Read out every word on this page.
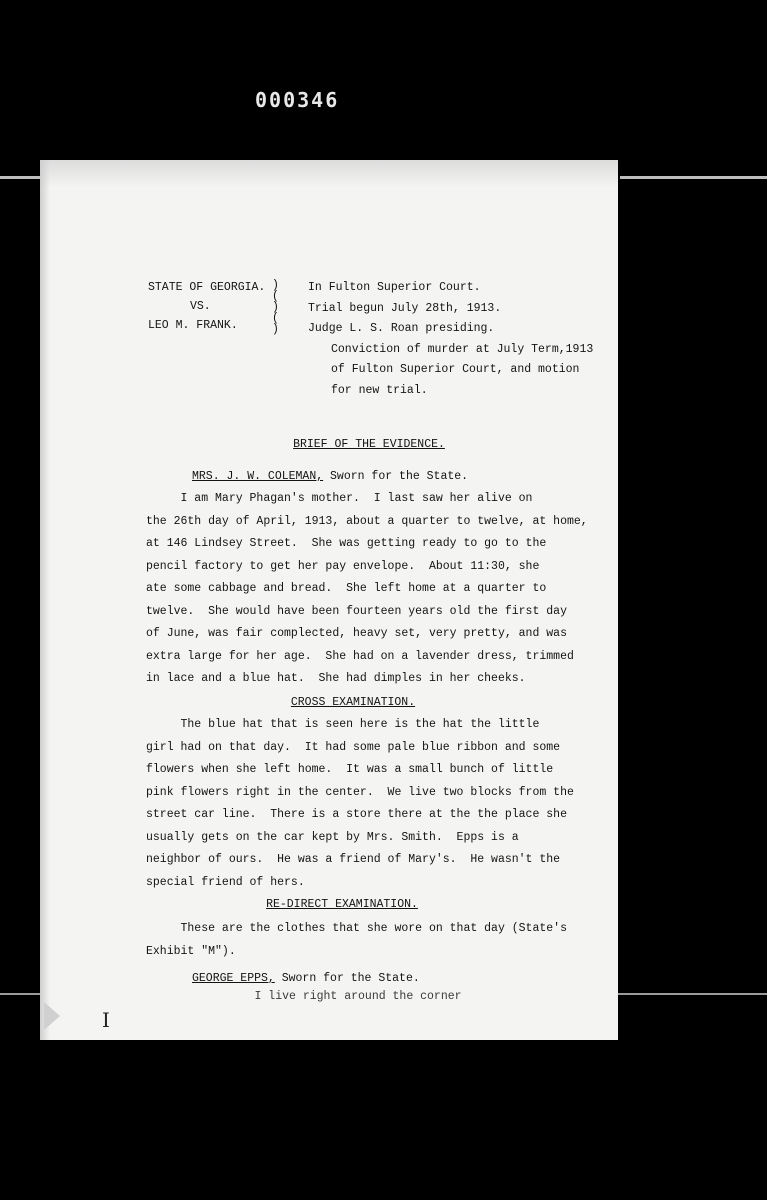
000346
STATE OF GEORGIA.
VS.
LEO M. FRANK.
)
(
)
(
)
In Fulton Superior Court.
Trial begun July 28th, 1913.
Judge L. S. Roan presiding.
Conviction of murder at July Term,1913
of Fulton Superior Court, and motion
for new trial.
BRIEF OF THE EVIDENCE.
MRS. J. W. COLEMAN, Sworn for the State.
I am Mary Phagan's mother.  I last saw her alive on
the 26th day of April, 1913, about a quarter to twelve, at home,
at 146 Lindsey Street.  She was getting ready to go to the
pencil factory to get her pay envelope.  About 11:30, she
ate some cabbage and bread.  She left home at a quarter to
twelve.  She would have been fourteen years old the first day
of June, was fair complected, heavy set, very pretty, and was
extra large for her age.  She had on a lavender dress, trimmed
in lace and a blue hat.  She had dimples in her cheeks.
CROSS EXAMINATION.
The blue hat that is seen here is the hat the little
girl had on that day.  It had some pale blue ribbon and some
flowers when she left home.  It was a small bunch of little
pink flowers right in the center.  We live two blocks from the
street car line.  There is a store there at the the place she
usually gets on the car kept by Mrs. Smith.  Epps is a
neighbor of ours.  He was a friend of Mary's.  He wasn't the
special friend of hers.
RE-DIRECT EXAMINATION.
These are the clothes that she wore on that day (State's
Exhibit "M").
GEORGE EPPS, Sworn for the State.
I live right around the corner
I
